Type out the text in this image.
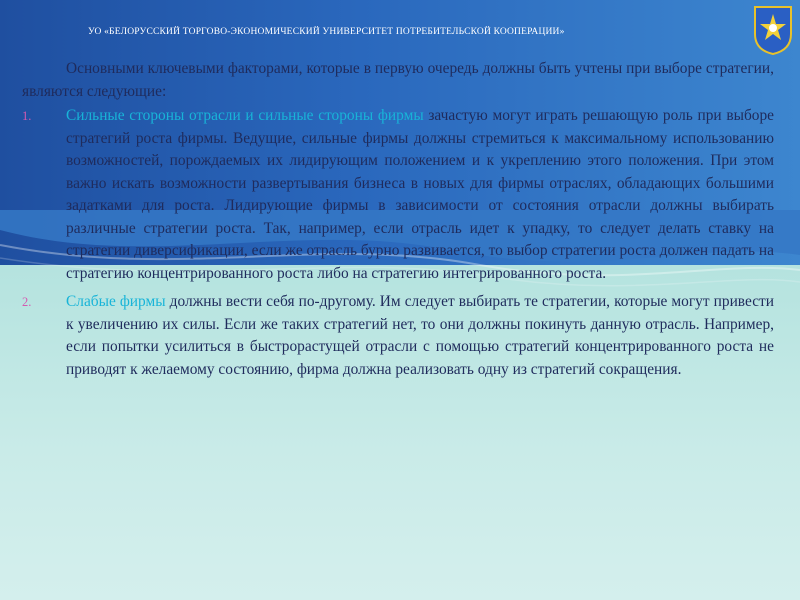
УО «БЕЛОРУССКИЙ ТОРГОВО-ЭКОНОМИЧЕСКИЙ УНИВЕРСИТЕТ ПОТРЕБИТЕЛЬСКОЙ КООПЕРАЦИИ»

Основными ключевыми факторами, которые в первую очередь должны быть учтены при выборе стратегии, являются следующие:

1. Сильные стороны отрасли и сильные стороны фирмы зачастую могут играть решающую роль при выборе стратегий роста фирмы. Ведущие, сильные фирмы должны стремиться к максимальному использованию возможностей, порождаемых их лидирующим положением и к укреплению этого положения. При этом важно искать возможности развертывания бизнеса в новых для фирмы отраслях, обладающих большими задатками для роста. Лидирующие фирмы в зависимости от состояния отрасли должны выбирать различные стратегии роста. Так, например, если отрасль идет к упадку, то следует делать ставку на стратегии диверсификации, если же отрасль бурно развивается, то выбор стратегии роста должен падать на стратегию концентрированного роста либо на стратегию интегрированного роста.
2. Слабые фирмы должны вести себя по-другому. Им следует выбирать те стратегии, которые могут привести к увеличению их силы. Если же таких стратегий нет, то они должны покинуть данную отрасль. Например, если попытки усилиться в быстрорастущей отрасли с помощью стратегий концентрированного роста не приводят к желаемому состоянию, фирма должна реализовать одну из стратегий сокращения.
